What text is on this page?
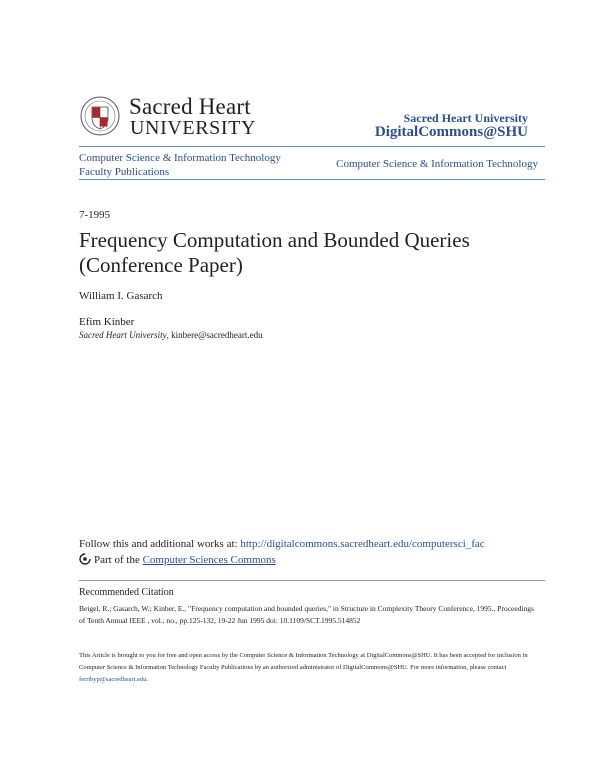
Sacred Heart
UNIVERSITY	Sacred Heart University
DigitalCommons@SHU
Computer Science & Information Technology Faculty Publications
Computer Science & Information Technology
7-1995
Frequency Computation and Bounded Queries (Conference Paper)
William I. Gasarch
Efim Kinber
Sacred Heart University, kinbere@sacredheart.edu
Follow this and additional works at: http://digitalcommons.sacredheart.edu/computersci_fac
Part of the Computer Sciences Commons
Recommended Citation
Beigel, R.; Gasarch, W.; Kinber, E., "Frequency computation and bounded queries," in Structure in Complexity Theory Conference, 1995., Proceedings of Tenth Annual IEEE , vol., no., pp.125-132, 19-22 Jun 1995 doi: 10.1109/SCT.1995.514852
This Article is brought to you for free and open access by the Computer Science & Information Technology at DigitalCommons@SHU. It has been accepted for inclusion in Computer Science & Information Technology Faculty Publications by an authorized administrator of DigitalCommons@SHU. For more information, please contact ferribyp@sacredheart.edu.
